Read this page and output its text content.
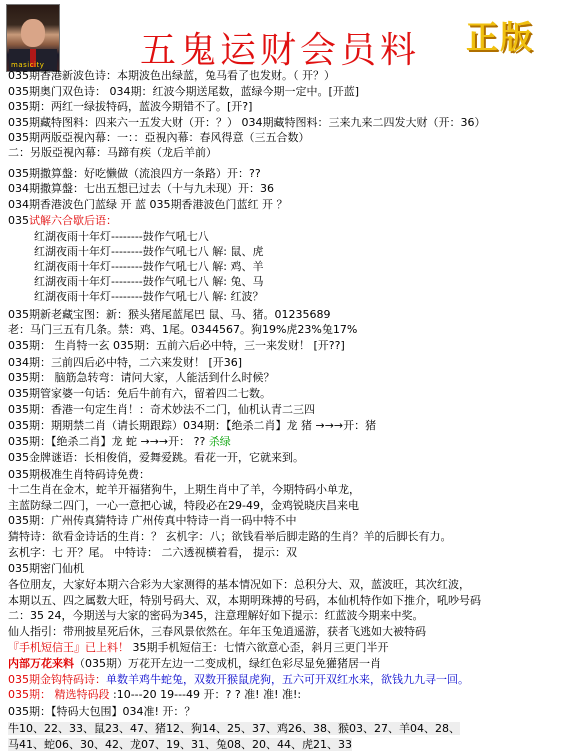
masicity	五鬼运财会员料 正版
035期香港新波色诗：本期波色出绿蓝，兔马看了也发财。（ 开？）
035期奥门双色诗： 034期：红波今期送尾数，蓝绿今期一定中。[开蓝]
035期：两红一绿拔特码，蓝波今期错不了。[开?]
035期藏特图料：四来六一五发大财（开：？） 034期藏特图料：三来九来二四发大财（开：36）
035期两版亞視內幕：一：：亞視內幕：春风得意（三五合数）
二：另版亞視內幕：马蹄有疾（龙后羊前）
035期撒算盤：好吃懒做（流浪四方一条路）开：??
034期撒算盤：七出五想已过去（十与九未现）开：36
034期香港波色门蓝绿 开 蓝 035期香港波色门蓝红 开 ？
035试解六合歇后语：
红湖夜雨十年灯--------鼓作气吼七八
红湖夜雨十年灯--------鼓作气吼七八 解: 鼠、虎
红湖夜雨十年灯--------鼓作气吼七八 解: 鸡、羊
红湖夜雨十年灯--------鼓作气吼七八 解: 兔、马
红湖夜雨十年灯--------鼓作气吼七八 解: 红波？
035期新老藏宝图：新：猴头猪尾蓝尾巴 鼠、马、猪。01235689
老：马门三五有几条。禁：鸡、1尾。0344567。狗19%虎23%兔17%
035期： 生肖特一玄 035期：五前六后必中特，三一来发财！ [开??]
034期：三前四后必中特，二六来发财！ [开36]
035期： 脑筋急转弯：请问大家，人能活到什么时候？
035期管家婆一句话：免后牛前有六，留着四二七数。
035期：香港一句定生肖！：奇术妙法不二门，仙机认青二三四
035期：期期禁二肖（请长期跟踪）034期：【绝杀二肖】龙 猪 →→→开：猪
035期：【绝杀二肖】龙 蛇 →→→开： ?? 杀绿
035金牌谜语：长相俊俏，爱舞爱跳。看花一开，它就来到。
035期极准生肖特码诗免费：
十二生肖在金木，蛇羊开福猪狗牛，上期生肖中了羊，今期特码小单龙，
主蓝防绿二四门，一心一意把心诚，特段必在29-49，金鸡锐晓庆昌来电
035期：广州传真猜特诗 广州传真中特诗一肖一码中特不中
猜特诗：欲看金诗话的生肖：？ 玄机字：八；欲钱看举后脚走路的生肖？羊的后脚长有力。
玄机字：七 开？尾。 中特诗： 二六透视横着看， 提示：双
035期密门仙机
各位朋友，大家好本期六合彩为大家测得的基本情况如下：总积分大、双，蓝波旺，其次红波，
本期以五、四之属数大旺，特别号码大、双，本期明珠搏的号码，本仙机特作如下推介，吼吵号码
二：35 24，今期送与大家的密码为345，注意理解好如下提示：红蓝波今期来中奖。
仙人指引：带刑披星死后休，三春风景依然在。年年玉兔逍遥游，获者飞逃如大被特码
『手机短信王』已上料！ 35期手机短信王：七情六欲意心歪，斜月三更门半开
内部万花来料（035期）万花开左边一二变成机，绿红色彩尽显免獾猪居一肖
035期金钩特码诗：单数羊鸡牛蛇兔，双数开猴鼠虎狗，五六可开双红水来，欲钱九九寻一回。
035期： 精选特码段 :10---20 19---49 开：? ? 准! 准! 准!:
035期：【特码大包围】034准! 开：？
牛10、22、33、鼠23、47、猪12、狗14、25、37、鸡26、38、猴03、27、羊04、28、
马41、蛇06、30、42、龙07、19、31、兔08、20、44、虎21、33
